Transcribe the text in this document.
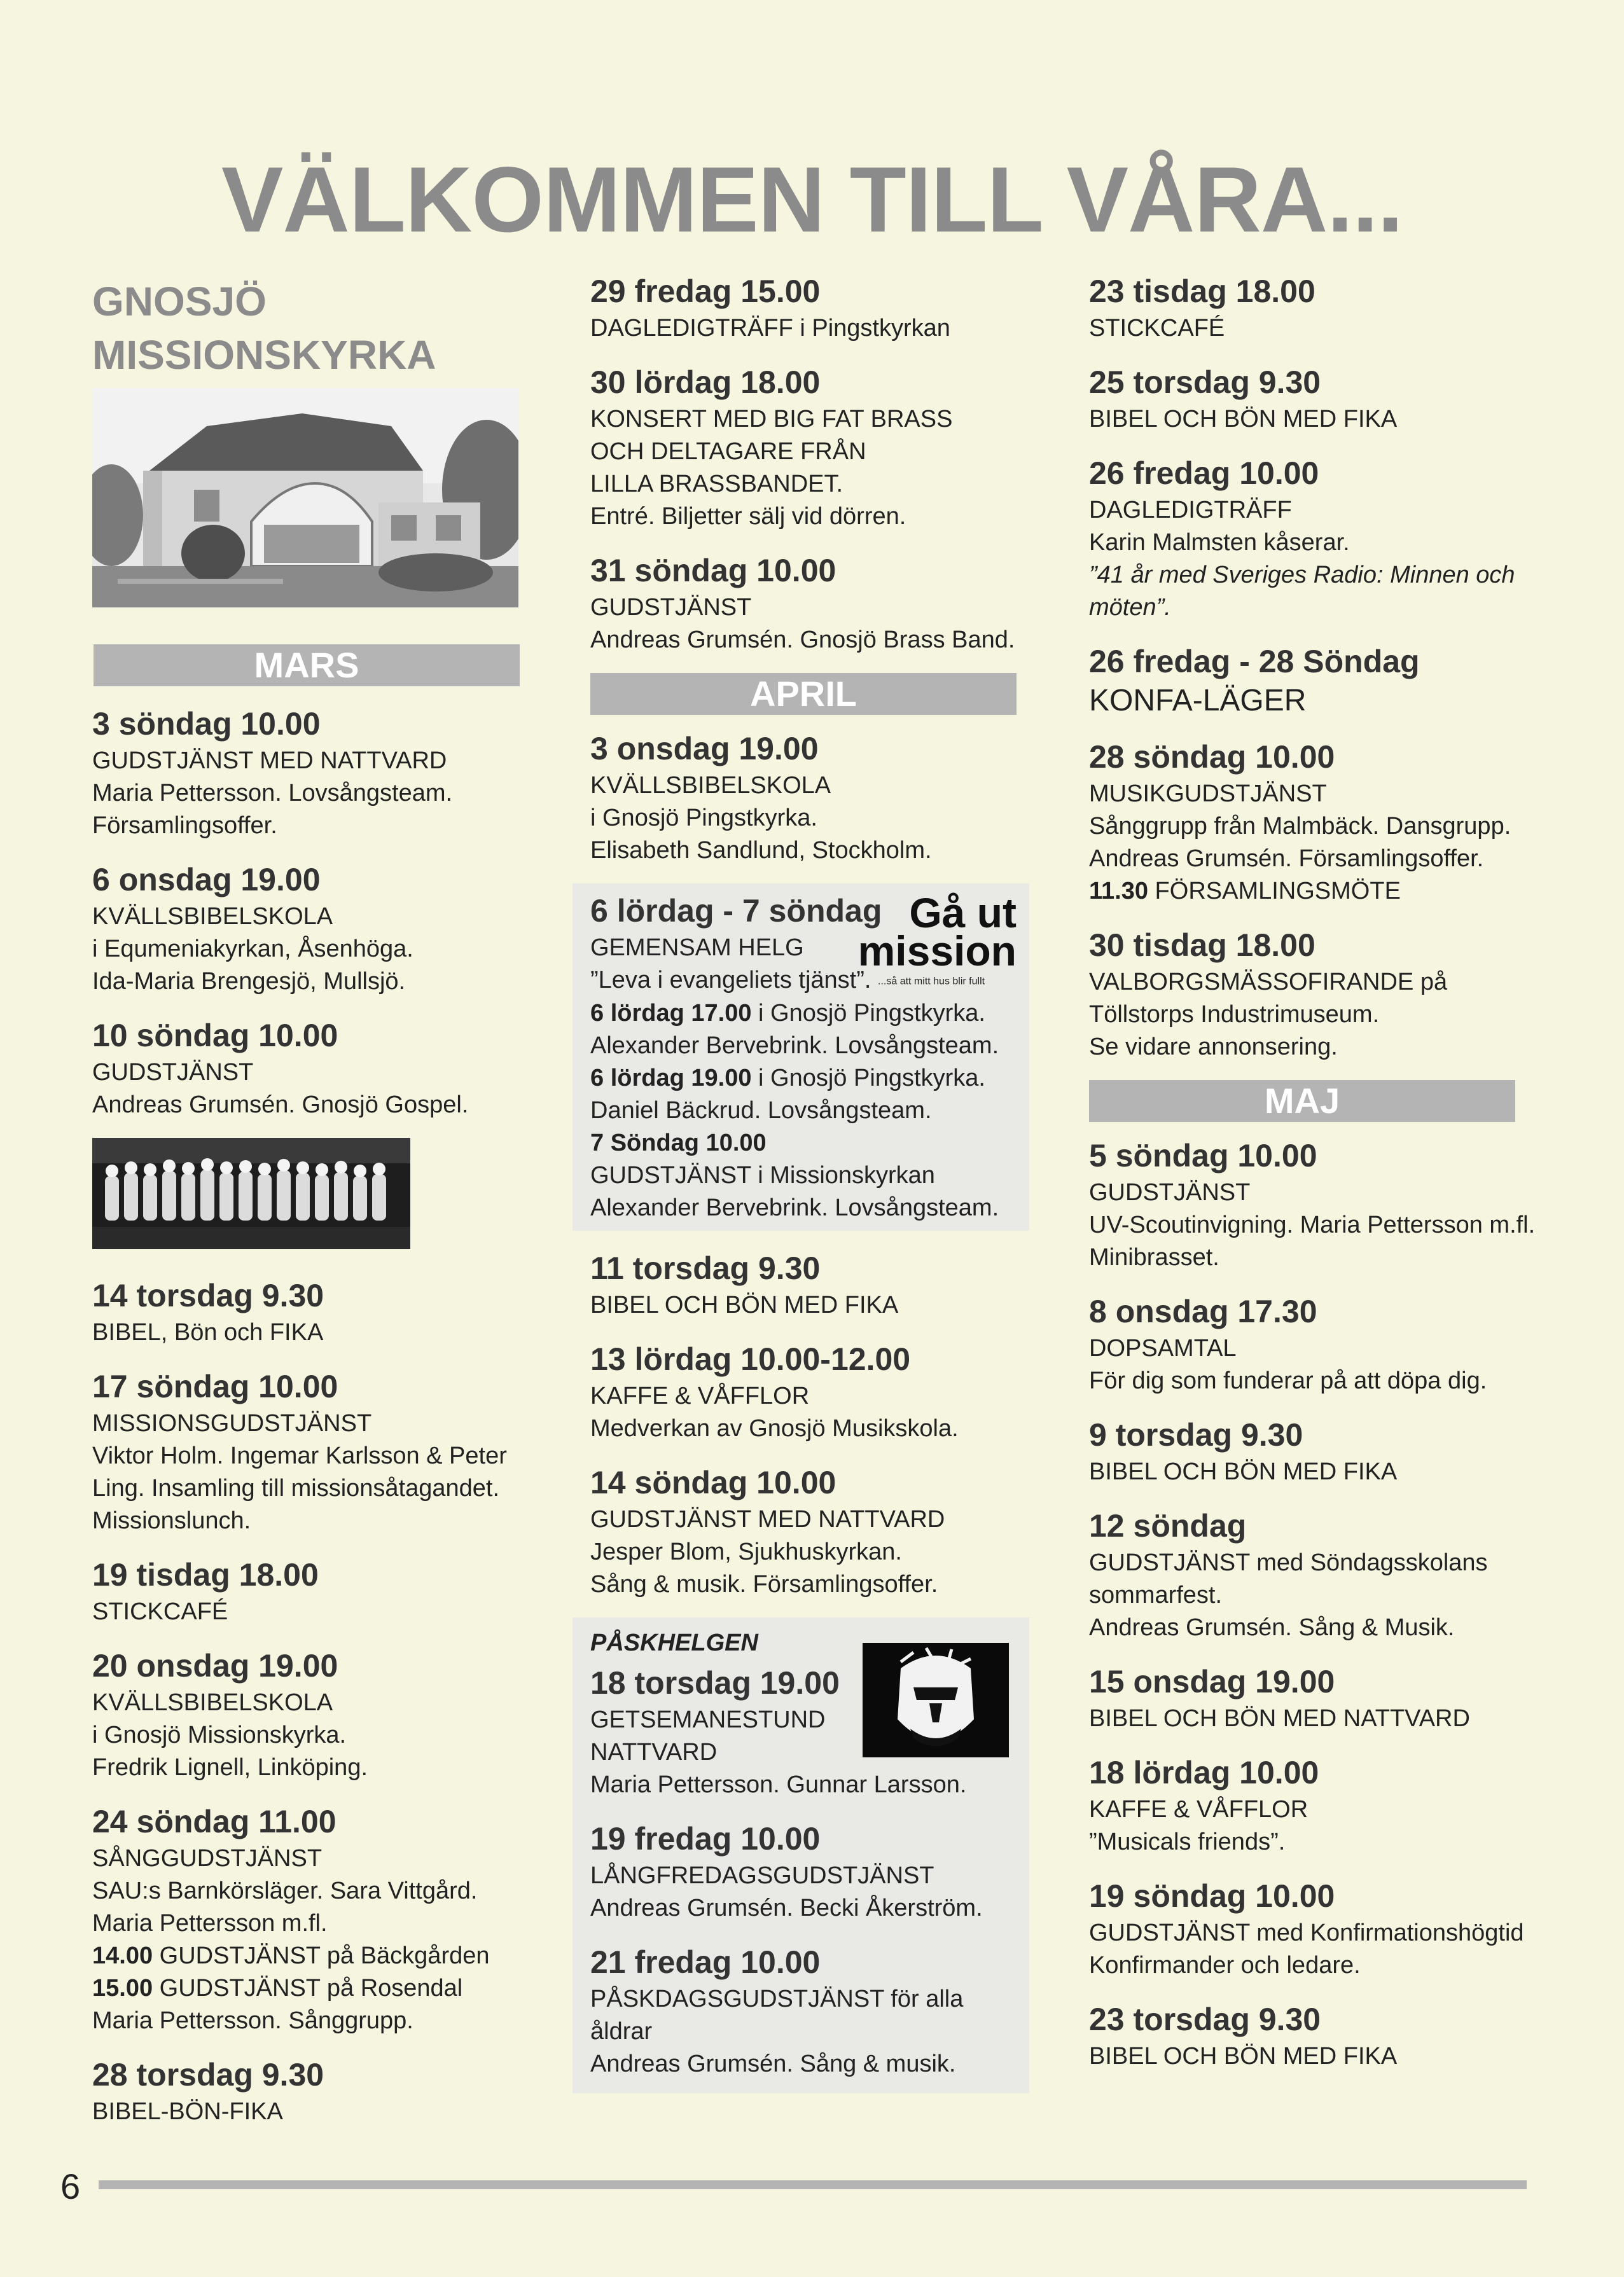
VÄLKOMMEN TILL VÅRA...
GNOSJÖ
MISSIONSKYRKA
MARS
3 söndag 10.00
GUDSTJÄNST MED NATTVARD
Maria Pettersson. Lovsångsteam.
Församlingsoffer.
6 onsdag 19.00
KVÄLLSBIBELSKOLA
i Equmeniakyrkan, Åsenhöga.
Ida-Maria Brengesjö, Mullsjö.
10 söndag 10.00
GUDSTJÄNST
Andreas Grumsén. Gnosjö Gospel.
14 torsdag 9.30
BIBEL, Bön och FIKA
17 söndag 10.00
MISSIONSGUDSTJÄNST
Viktor Holm. Ingemar Karlsson & Peter
Ling. Insamling till missionsåtagandet.
Missionslunch.
19 tisdag 18.00
STICKCAFÉ
20 onsdag 19.00
KVÄLLSBIBELSKOLA
i Gnosjö Missionskyrka.
Fredrik Lignell, Linköping.
24 söndag 11.00
SÅNGGUDSTJÄNST
SAU:s Barnkörsläger. Sara Vittgård.
Maria Pettersson m.fl.
14.00 GUDSTJÄNST på Bäckgården
15.00 GUDSTJÄNST på Rosendal
Maria Pettersson. Sånggrupp.
28 torsdag 9.30
BIBEL-BÖN-FIKA
29 fredag 15.00
DAGLEDIGTRÄFF i Pingstkyrkan
30 lördag 18.00
KONSERT MED BIG FAT BRASS
OCH DELTAGARE FRÅN
LILLA BRASSBANDET.
Entré. Biljetter sälj vid dörren.
31 söndag 10.00
GUDSTJÄNST
Andreas Grumsén. Gnosjö Brass Band.
APRIL
3 onsdag 19.00
KVÄLLSBIBELSKOLA
i Gnosjö Pingstkyrka.
Elisabeth Sandlund, Stockholm.
Gå ut
mission
6 lördag - 7 söndag
GEMENSAM HELG
”Leva i evangeliets tjänst”. ...så att mitt hus blir fullt
6 lördag 17.00 i Gnosjö Pingstkyrka.
Alexander Bervebrink. Lovsångsteam.
6 lördag 19.00 i Gnosjö Pingstkyrka.
Daniel Bäckrud. Lovsångsteam.
7 Söndag 10.00
GUDSTJÄNST i Missionskyrkan
Alexander Bervebrink. Lovsångsteam.
11 torsdag 9.30
BIBEL OCH BÖN MED FIKA
13 lördag 10.00-12.00
KAFFE & VÅFFLOR
Medverkan av Gnosjö Musikskola.
14 söndag 10.00
GUDSTJÄNST MED NATTVARD
Jesper Blom, Sjukhuskyrkan.
Sång & musik. Församlingsoffer.
PÅSKHELGEN
18 torsdag 19.00
GETSEMANESTUND
NATTVARD
Maria Pettersson. Gunnar Larsson.
19 fredag 10.00
LÅNGFREDAGSGUDSTJÄNST
Andreas Grumsén. Becki Åkerström.
21 fredag 10.00
PÅSKDAGSGUDSTJÄNST för alla åldrar
Andreas Grumsén. Sång & musik.
23 tisdag 18.00
STICKCAFÉ
25 torsdag 9.30
BIBEL OCH BÖN MED FIKA
26 fredag 10.00
DAGLEDIGTRÄFF
Karin Malmsten kåserar.
”41 år med Sveriges Radio: Minnen och
möten”.
26 fredag - 28 Söndag
KONFA-LÄGER
28 söndag 10.00
MUSIKGUDSTJÄNST
Sånggrupp från Malmbäck. Dansgrupp.
Andreas Grumsén. Församlingsoffer.
11.30 FÖRSAMLINGSMÖTE
30 tisdag 18.00
VALBORGSMÄSSOFIRANDE på
Töllstorps Industrimuseum.
Se vidare annonsering.
MAJ
5 söndag 10.00
GUDSTJÄNST
UV-Scoutinvigning. Maria Pettersson m.fl.
Minibrasset.
8 onsdag 17.30
DOPSAMTAL
För dig som funderar på att döpa dig.
9 torsdag 9.30
BIBEL OCH BÖN MED FIKA
12 söndag
GUDSTJÄNST med Söndagsskolans
sommarfest.
Andreas Grumsén. Sång & Musik.
15 onsdag 19.00
BIBEL OCH BÖN MED NATTVARD
18 lördag 10.00
KAFFE & VÅFFLOR
”Musicals friends”.
19 söndag 10.00
GUDSTJÄNST med Konfirmationshögtid
Konfirmander och ledare.
23 torsdag 9.30
BIBEL OCH BÖN MED FIKA
6
